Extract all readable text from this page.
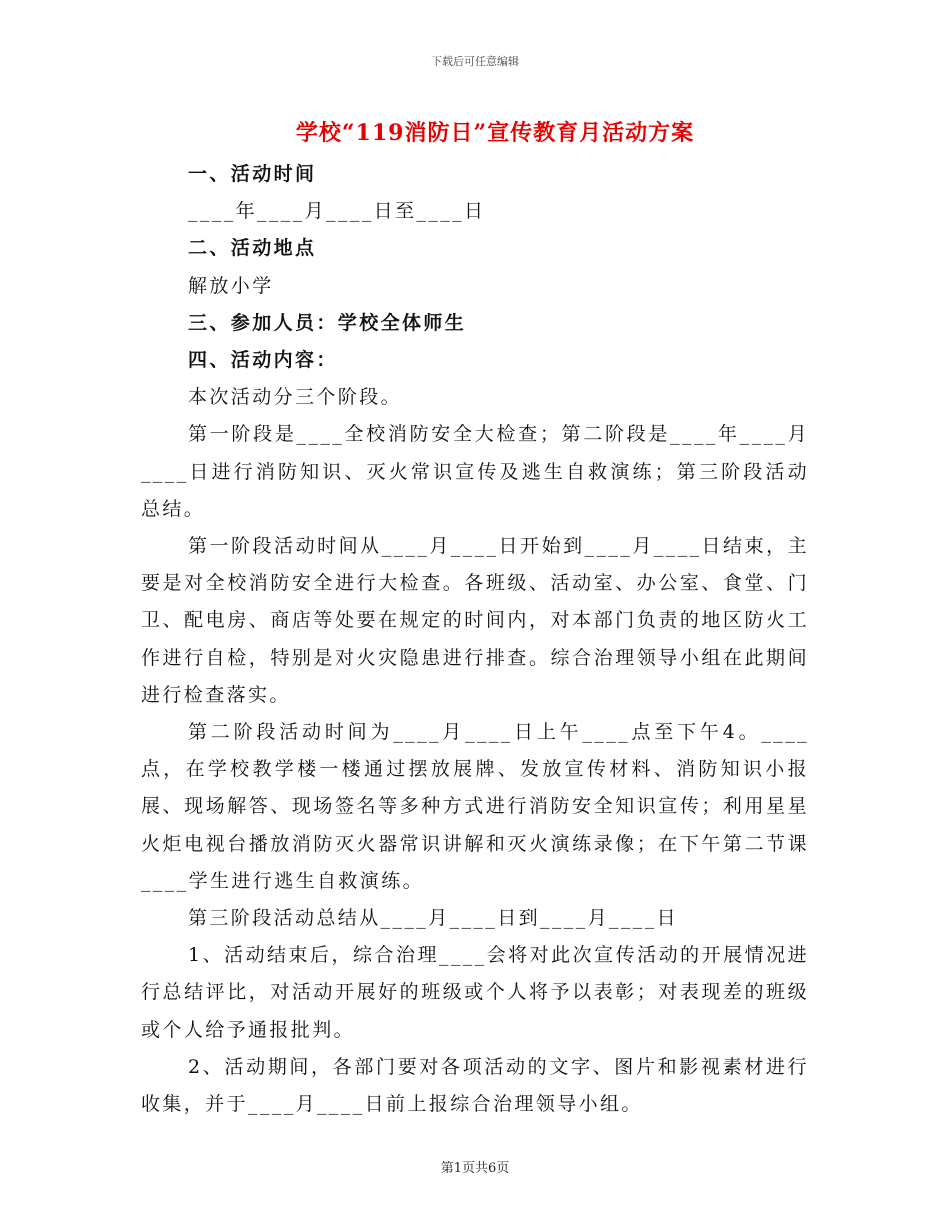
下载后可任意编辑
学校“119消防日”宣传教育月活动方案

一、活动时间

____年____月____日至____日

二、活动地点

解放小学

三、参加人员：学校全体师生

四、活动内容：

本次活动分三个阶段。

第一阶段是____全校消防安全大检查；第二阶段是____年____月____日进行消防知识、灭火常识宣传及逃生自救演练；第三阶段活动总结。

第一阶段活动时间从____月____日开始到____月____日结束，主要是对全校消防安全进行大检查。各班级、活动室、办公室、食堂、门卫、配电房、商店等处要在规定的时间内，对本部门负责的地区防火工作进行自检，特别是对火灾隐患进行排查。综合治理领导小组在此期间进行检查落实。

第二阶段活动时间为____月____日上午____点至下午4。____点，在学校教学楼一楼通过摆放展牌、发放宣传材料、消防知识小报展、现场解答、现场签名等多种方式进行消防安全知识宣传；利用星星火炬电视台播放消防灭火器常识讲解和灭火演练录像；在下午第二节课____学生进行逃生自救演练。

第三阶段活动总结从____月____日到____月____日

1、活动结束后，综合治理____会将对此次宣传活动的开展情况进行总结评比，对活动开展好的班级或个人将予以表彰；对表现差的班级或个人给予通报批判。

2、活动期间，各部门要对各项活动的文字、图片和影视素材进行收集，并于____月____日前上报综合治理领导小组。

第1页共6页
